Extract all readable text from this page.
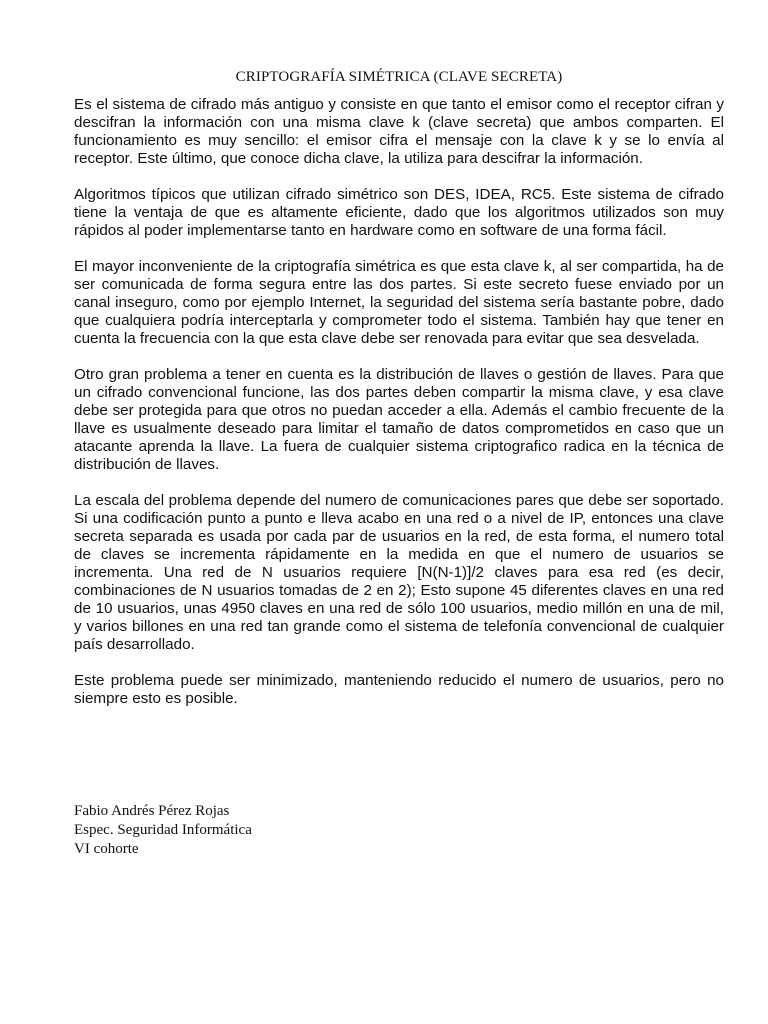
CRIPTOGRAFÍA SIMÉTRICA (CLAVE SECRETA)

Es el sistema de cifrado más antiguo y consiste en que tanto el emisor como el receptor cifran y descifran la información con una misma clave k (clave secreta) que ambos comparten. El funcionamiento es muy sencillo: el emisor cifra el mensaje con la clave k y se lo envía al receptor. Este último, que conoce dicha clave, la utiliza para descifrar la información.

Algoritmos típicos que utilizan cifrado simétrico son DES, IDEA, RC5. Este sistema de cifrado tiene la ventaja de que es altamente eficiente, dado que los algoritmos utilizados son muy rápidos al poder implementarse tanto en hardware como en software de una forma fácil.

El mayor inconveniente de la criptografía simétrica es que esta clave k, al ser compartida, ha de ser comunicada de forma segura entre las dos partes. Si este secreto fuese enviado por un canal inseguro, como por ejemplo Internet, la seguridad del sistema sería bastante pobre, dado que cualquiera podría interceptarla y comprometer todo el sistema. También hay que tener en cuenta la frecuencia con la que esta clave debe ser renovada para evitar que sea desvelada.

Otro gran problema a tener en cuenta es la distribución de llaves o gestión de llaves. Para que un cifrado convencional funcione, las dos partes deben compartir la misma clave, y esa clave debe ser protegida para que otros no puedan acceder a ella. Además el cambio frecuente de la llave es usualmente deseado para limitar el tamaño de datos comprometidos en caso que un atacante aprenda la llave. La fuera de cualquier sistema criptografico radica en la técnica de distribución de llaves.

La escala del problema depende del numero de comunicaciones pares que debe ser soportado. Si una codificación punto a punto e lleva acabo en una red o a nivel de IP, entonces una clave secreta separada es usada por cada par de usuarios en la red, de esta forma, el numero total de claves se incrementa rápidamente en la medida en que el numero de usuarios se incrementa. Una red de N usuarios requiere [N(N-1)]/2 claves para esa red (es decir, combinaciones de N usuarios tomadas de 2 en 2); Esto supone 45 diferentes claves en una red de 10 usuarios, unas 4950 claves en una red de sólo 100 usuarios, medio millón en una de mil, y varios billones en una red tan grande como el sistema de telefonía convencional de cualquier país desarrollado.

Este problema puede ser minimizado, manteniendo reducido el numero de usuarios, pero no siempre esto es posible.

Fabio Andrés Pérez Rojas
Espec. Seguridad Informática
VI cohorte
